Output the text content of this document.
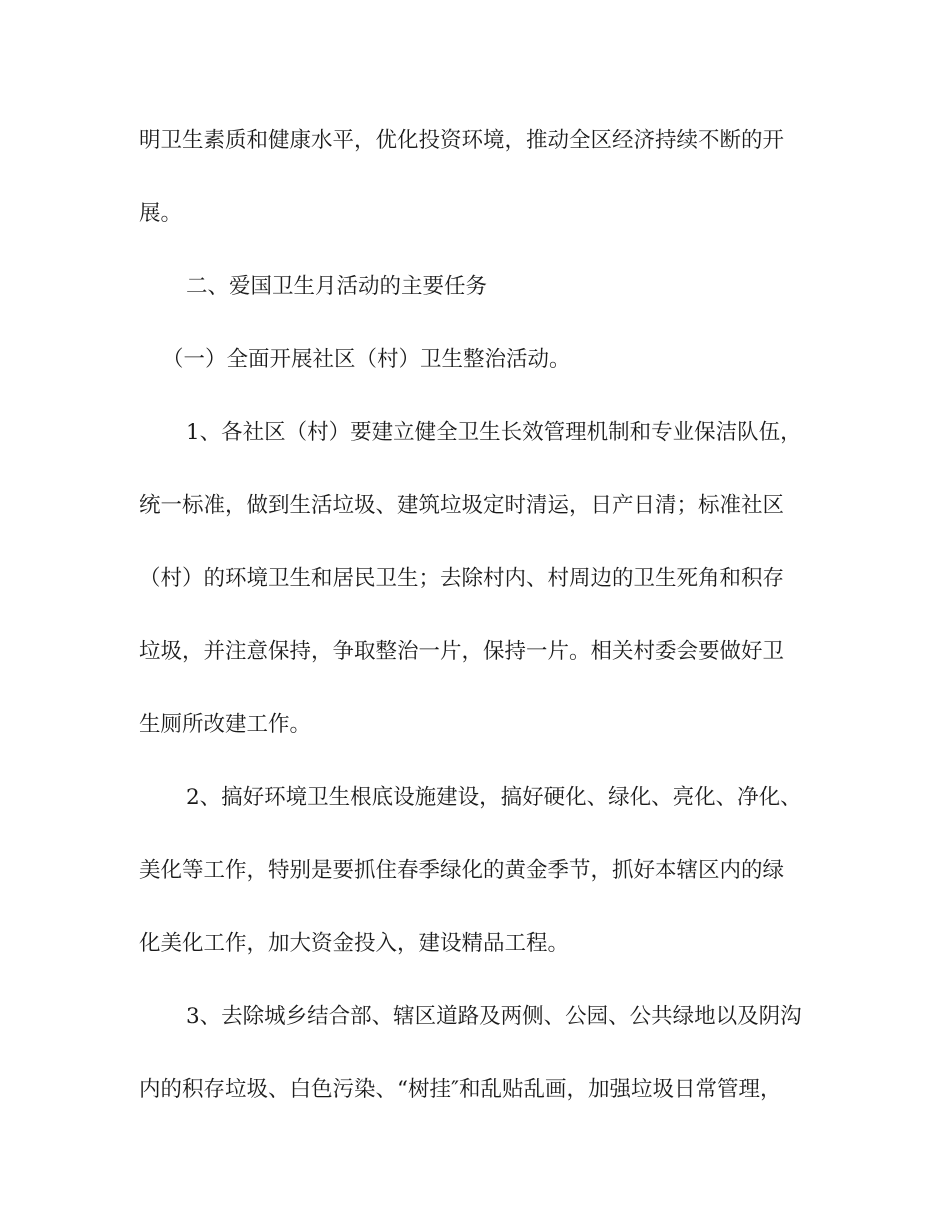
明卫生素质和健康水平，优化投资环境，推动全区经济持续不断的开
展。
二、爱国卫生月活动的主要任务
（一）全面开展社区（村）卫生整治活动。
1、各社区（村）要建立健全卫生长效管理机制和专业保洁队伍，
统一标准，做到生活垃圾、建筑垃圾定时清运，日产日清；标准社区
（村）的环境卫生和居民卫生；去除村内、村周边的卫生死角和积存
垃圾，并注意保持，争取整治一片，保持一片。相关村委会要做好卫
生厕所改建工作。
2、搞好环境卫生根底设施建设，搞好硬化、绿化、亮化、净化、
美化等工作，特别是要抓住春季绿化的黄金季节，抓好本辖区内的绿
化美化工作，加大资金投入，建设精品工程。
3、去除城乡结合部、辖区道路及两侧、公园、公共绿地以及阴沟
内的积存垃圾、白色污染、“树挂″和乱贴乱画，加强垃圾日常管理，
